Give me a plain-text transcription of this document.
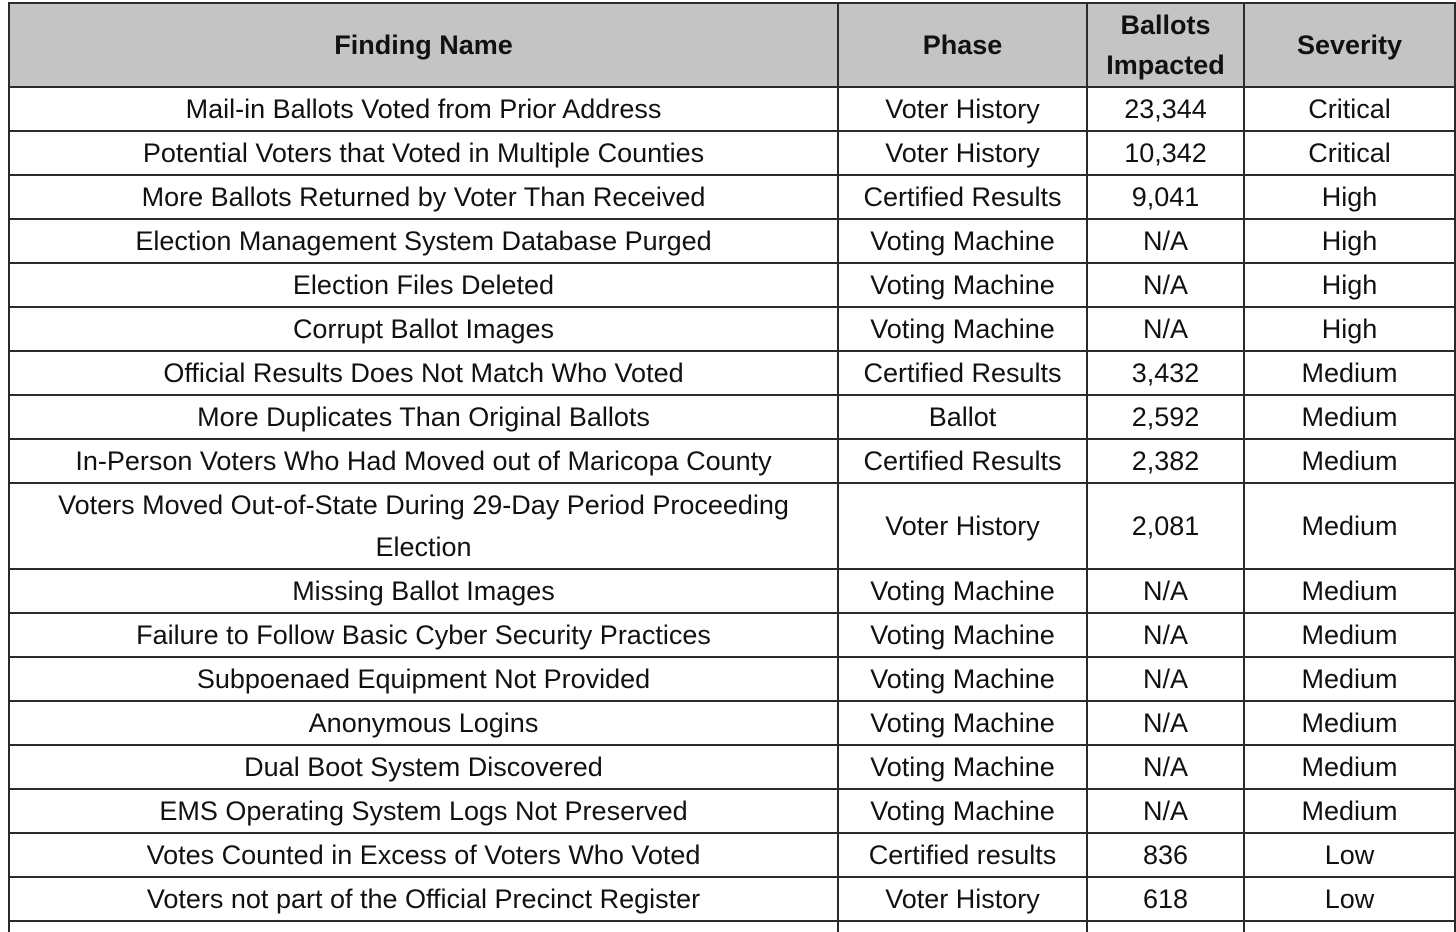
Finding Name	Phase	Ballots Impacted	Severity
Mail-in Ballots Voted from Prior Address	Voter History	23,344	Critical
Potential Voters that Voted in Multiple Counties	Voter History	10,342	Critical
More Ballots Returned by Voter Than Received	Certified Results	9,041	High
Election Management System Database Purged	Voting Machine	N/A	High
Election Files Deleted	Voting Machine	N/A	High
Corrupt Ballot Images	Voting Machine	N/A	High
Official Results Does Not Match Who Voted	Certified Results	3,432	Medium
More Duplicates Than Original Ballots	Ballot	2,592	Medium
In-Person Voters Who Had Moved out of Maricopa County	Certified Results	2,382	Medium
Voters Moved Out-of-State During 29-Day Period Proceeding Election	Voter History	2,081	Medium
Missing Ballot Images	Voting Machine	N/A	Medium
Failure to Follow Basic Cyber Security Practices	Voting Machine	N/A	Medium
Subpoenaed Equipment Not Provided	Voting Machine	N/A	Medium
Anonymous Logins	Voting Machine	N/A	Medium
Dual Boot System Discovered	Voting Machine	N/A	Medium
EMS Operating System Logs Not Preserved	Voting Machine	N/A	Medium
Votes Counted in Excess of Voters Who Voted	Certified results	836	Low
Voters not part of the Official Precinct Register	Voter History	618	Low
